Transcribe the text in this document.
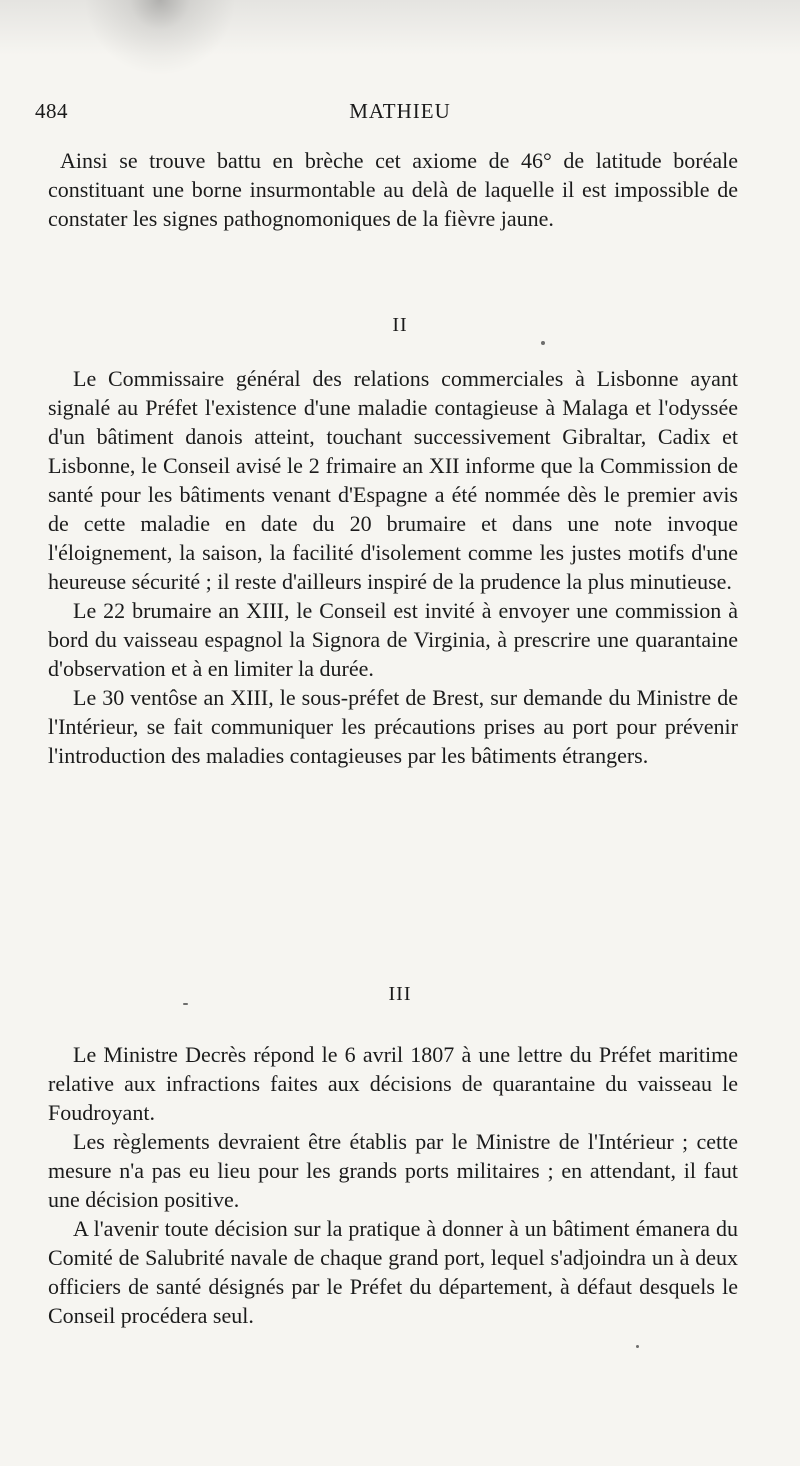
484	MATHIEU

Ainsi se trouve battu en brèche cet axiome de 46° de latitude boréale constituant une borne insurmontable au delà de laquelle il est impossible de constater les signes pathognomoniques de la fièvre jaune.

II

Le Commissaire général des relations commerciales à Lisbonne ayant signalé au Préfet l'existence d'une maladie contagieuse à Malaga et l'odyssée d'un bâtiment danois atteint, touchant successivement Gibraltar, Cadix et Lisbonne, le Conseil avisé le 2 frimaire an XII informe que la Commission de santé pour les bâtiments venant d'Espagne a été nommée dès le premier avis de cette maladie en date du 20 brumaire et dans une note invoque l'éloignement, la saison, la facilité d'isolement comme les justes motifs d'une heureuse sécurité ; il reste d'ailleurs inspiré de la prudence la plus minutieuse.

Le 22 brumaire an XIII, le Conseil est invité à envoyer une commission à bord du vaisseau espagnol la Signora de Virginia, à prescrire une quarantaine d'observation et à en limiter la durée.

Le 30 ventôse an XIII, le sous-préfet de Brest, sur demande du Ministre de l'Intérieur, se fait communiquer les précautions prises au port pour prévenir l'introduction des maladies contagieuses par les bâtiments étrangers.

III

Le Ministre Decrès répond le 6 avril 1807 à une lettre du Préfet maritime relative aux infractions faites aux décisions de quarantaine du vaisseau le Foudroyant.

Les règlements devraient être établis par le Ministre de l'Intérieur ; cette mesure n'a pas eu lieu pour les grands ports militaires ; en attendant, il faut une décision positive.

A l'avenir toute décision sur la pratique à donner à un bâtiment émanera du Comité de Salubrité navale de chaque grand port, lequel s'adjoindra un à deux officiers de santé désignés par le Préfet du département, à défaut desquels le Conseil procédera seul.
